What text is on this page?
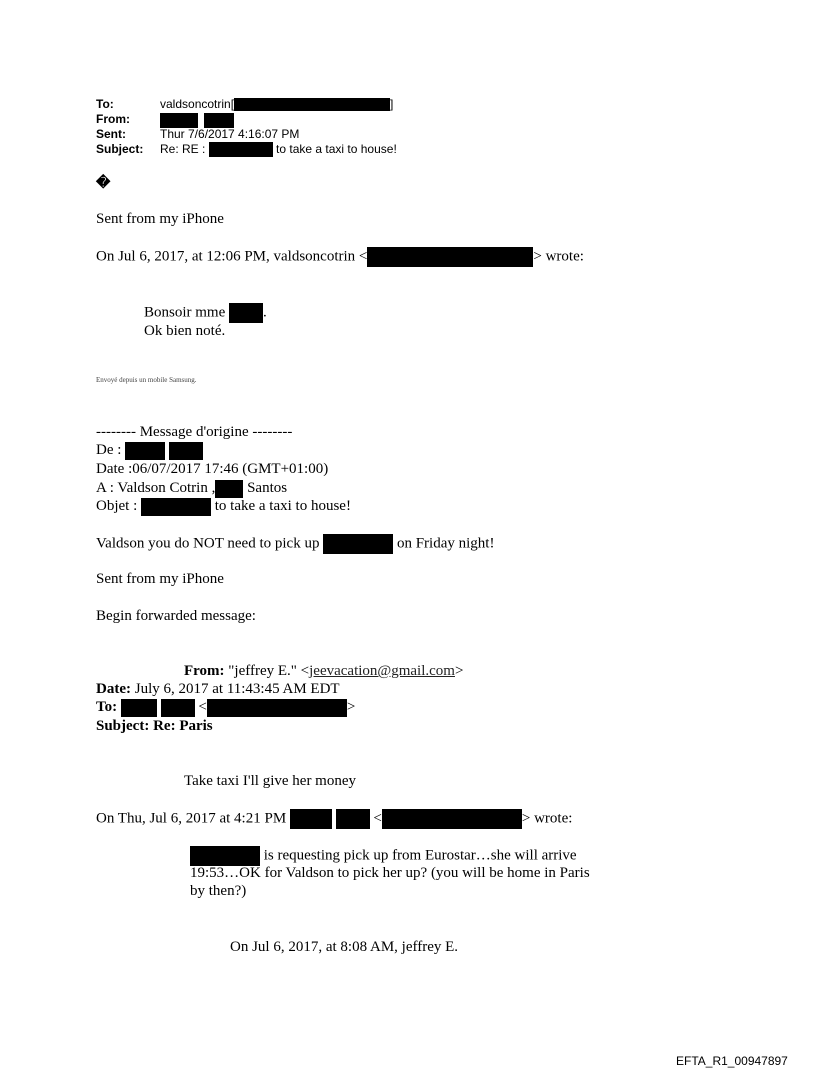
To:	valdsoncotrin[	]
From:

Sent:	Thur 7/6/2017 4:16:07 PM
Subject: Re: RE :	to take a taxi to house!
�
Sent from my iPhone
On Jul 6, 2017, at 12:06 PM, valdsoncotrin <	> wrote:
Bonsoir mme	.
Ok bien noté.
Envoyé depuis un mobile Samsung.
-------- Message d'origine --------
De :
Date :06/07/2017 17:46 (GMT+01:00)
A : Valdson Cotrin , Santos
Objet :	to take a taxi to house!
Valdson you do NOT need to pick up	on Friday night!
Sent from my iPhone
Begin forwarded message:
From: "jeffrey E." <jeevacation@gmail.com>
Date: July 6, 2017 at 11:43:45 AM EDT
To:	<	>
Subject: Re: Paris
Take taxi I'll give her money
On Thu, Jul 6, 2017 at 4:21 PM	<	> wrote:
is requesting pick up from Eurostar…she will arrive
19:53…OK for Valdson to pick her up? (you will be home in Paris
by then?)
On Jul 6, 2017, at 8:08 AM, jeffrey E.
EFTA_R1_00947897
